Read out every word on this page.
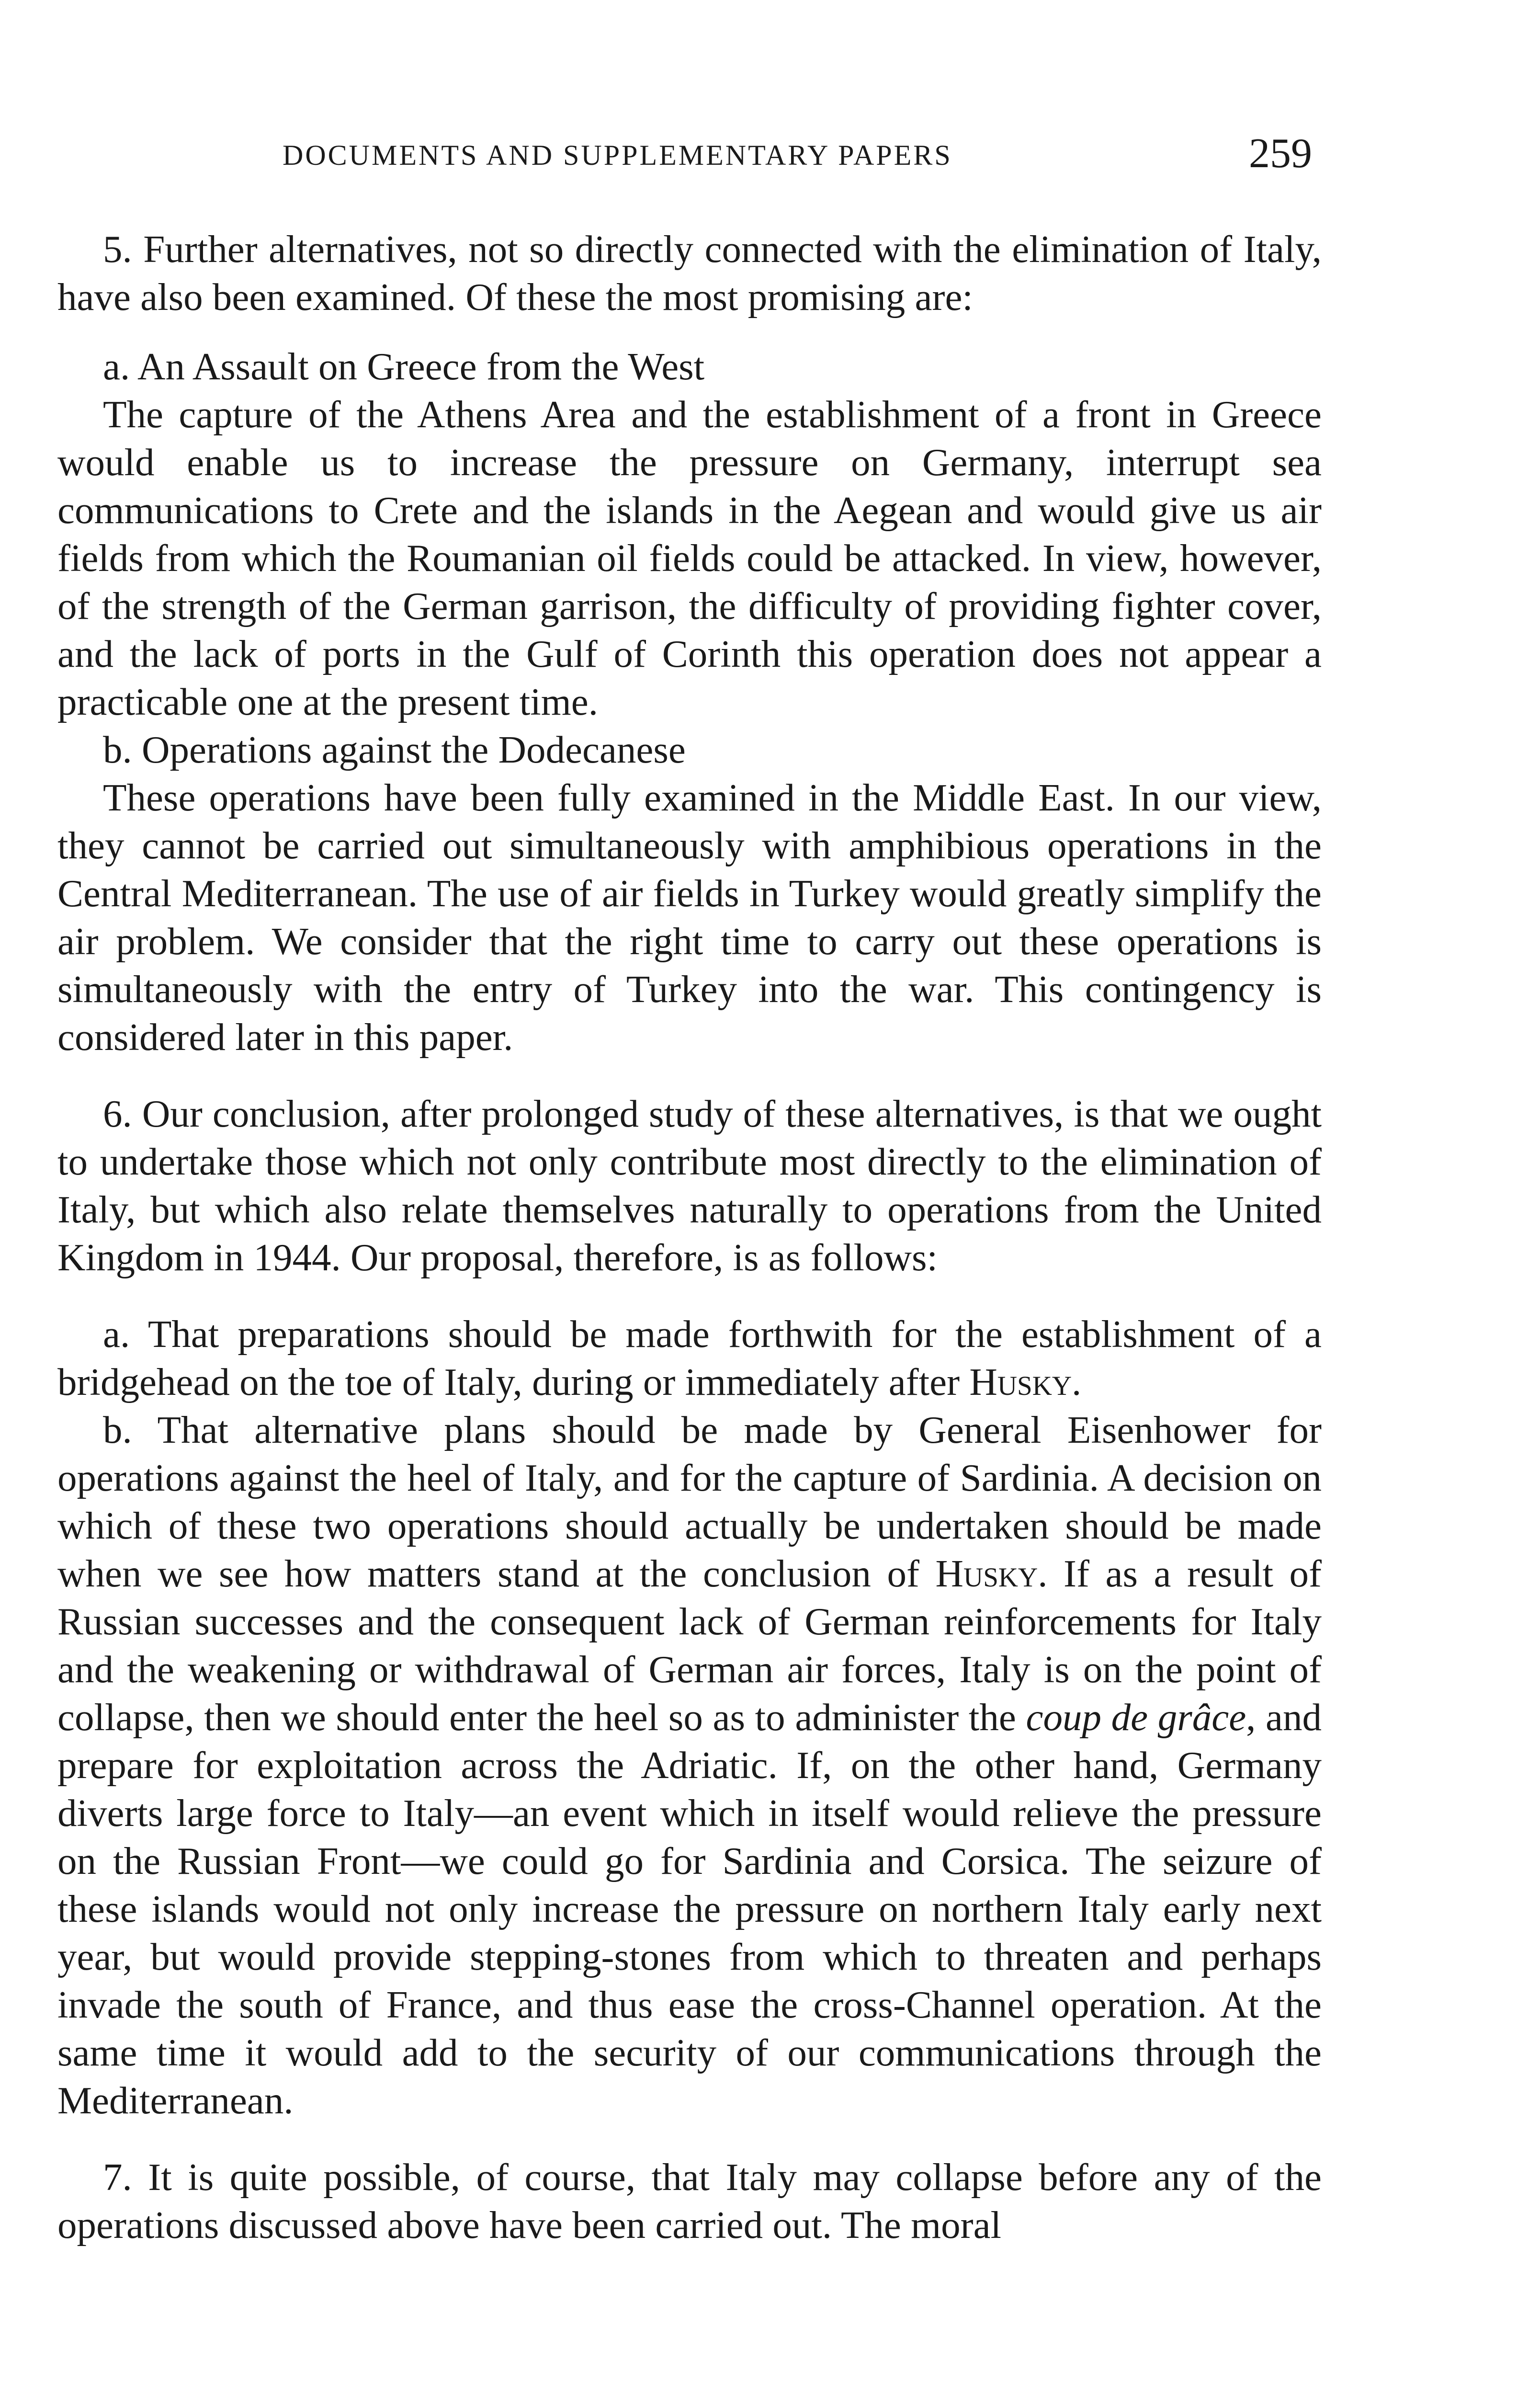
DOCUMENTS AND SUPPLEMENTARY PAPERS	259

5. Further alternatives, not so directly connected with the elimination of Italy, have also been examined. Of these the most promising are:

a. An Assault on Greece from the West

The capture of the Athens Area and the establishment of a front in Greece would enable us to increase the pressure on Germany, interrupt sea communications to Crete and the islands in the Aegean and would give us air fields from which the Roumanian oil fields could be attacked. In view, however, of the strength of the German garrison, the difficulty of providing fighter cover, and the lack of ports in the Gulf of Corinth this operation does not appear a practicable one at the present time.

b. Operations against the Dodecanese

These operations have been fully examined in the Middle East. In our view, they cannot be carried out simultaneously with amphibious operations in the Central Mediterranean. The use of air fields in Turkey would greatly simplify the air problem. We consider that the right time to carry out these operations is simultaneously with the entry of Turkey into the war. This contingency is considered later in this paper.

6. Our conclusion, after prolonged study of these alternatives, is that we ought to undertake those which not only contribute most directly to the elimination of Italy, but which also relate themselves naturally to operations from the United Kingdom in 1944. Our proposal, therefore, is as follows:

a. That preparations should be made forthwith for the establishment of a bridgehead on the toe of Italy, during or immediately after Husky.

b. That alternative plans should be made by General Eisenhower for operations against the heel of Italy, and for the capture of Sardinia. A decision on which of these two operations should actually be undertaken should be made when we see how matters stand at the conclusion of Husky. If as a result of Russian successes and the consequent lack of German reinforcements for Italy and the weakening or withdrawal of German air forces, Italy is on the point of collapse, then we should enter the heel so as to administer the coup de grâce, and prepare for exploitation across the Adriatic. If, on the other hand, Germany diverts large force to Italy—an event which in itself would relieve the pressure on the Russian Front—we could go for Sardinia and Corsica. The seizure of these islands would not only increase the pressure on northern Italy early next year, but would provide stepping-stones from which to threaten and perhaps invade the south of France, and thus ease the cross-Channel operation. At the same time it would add to the security of our communications through the Mediterranean.

7. It is quite possible, of course, that Italy may collapse before any of the operations discussed above have been carried out. The moral
